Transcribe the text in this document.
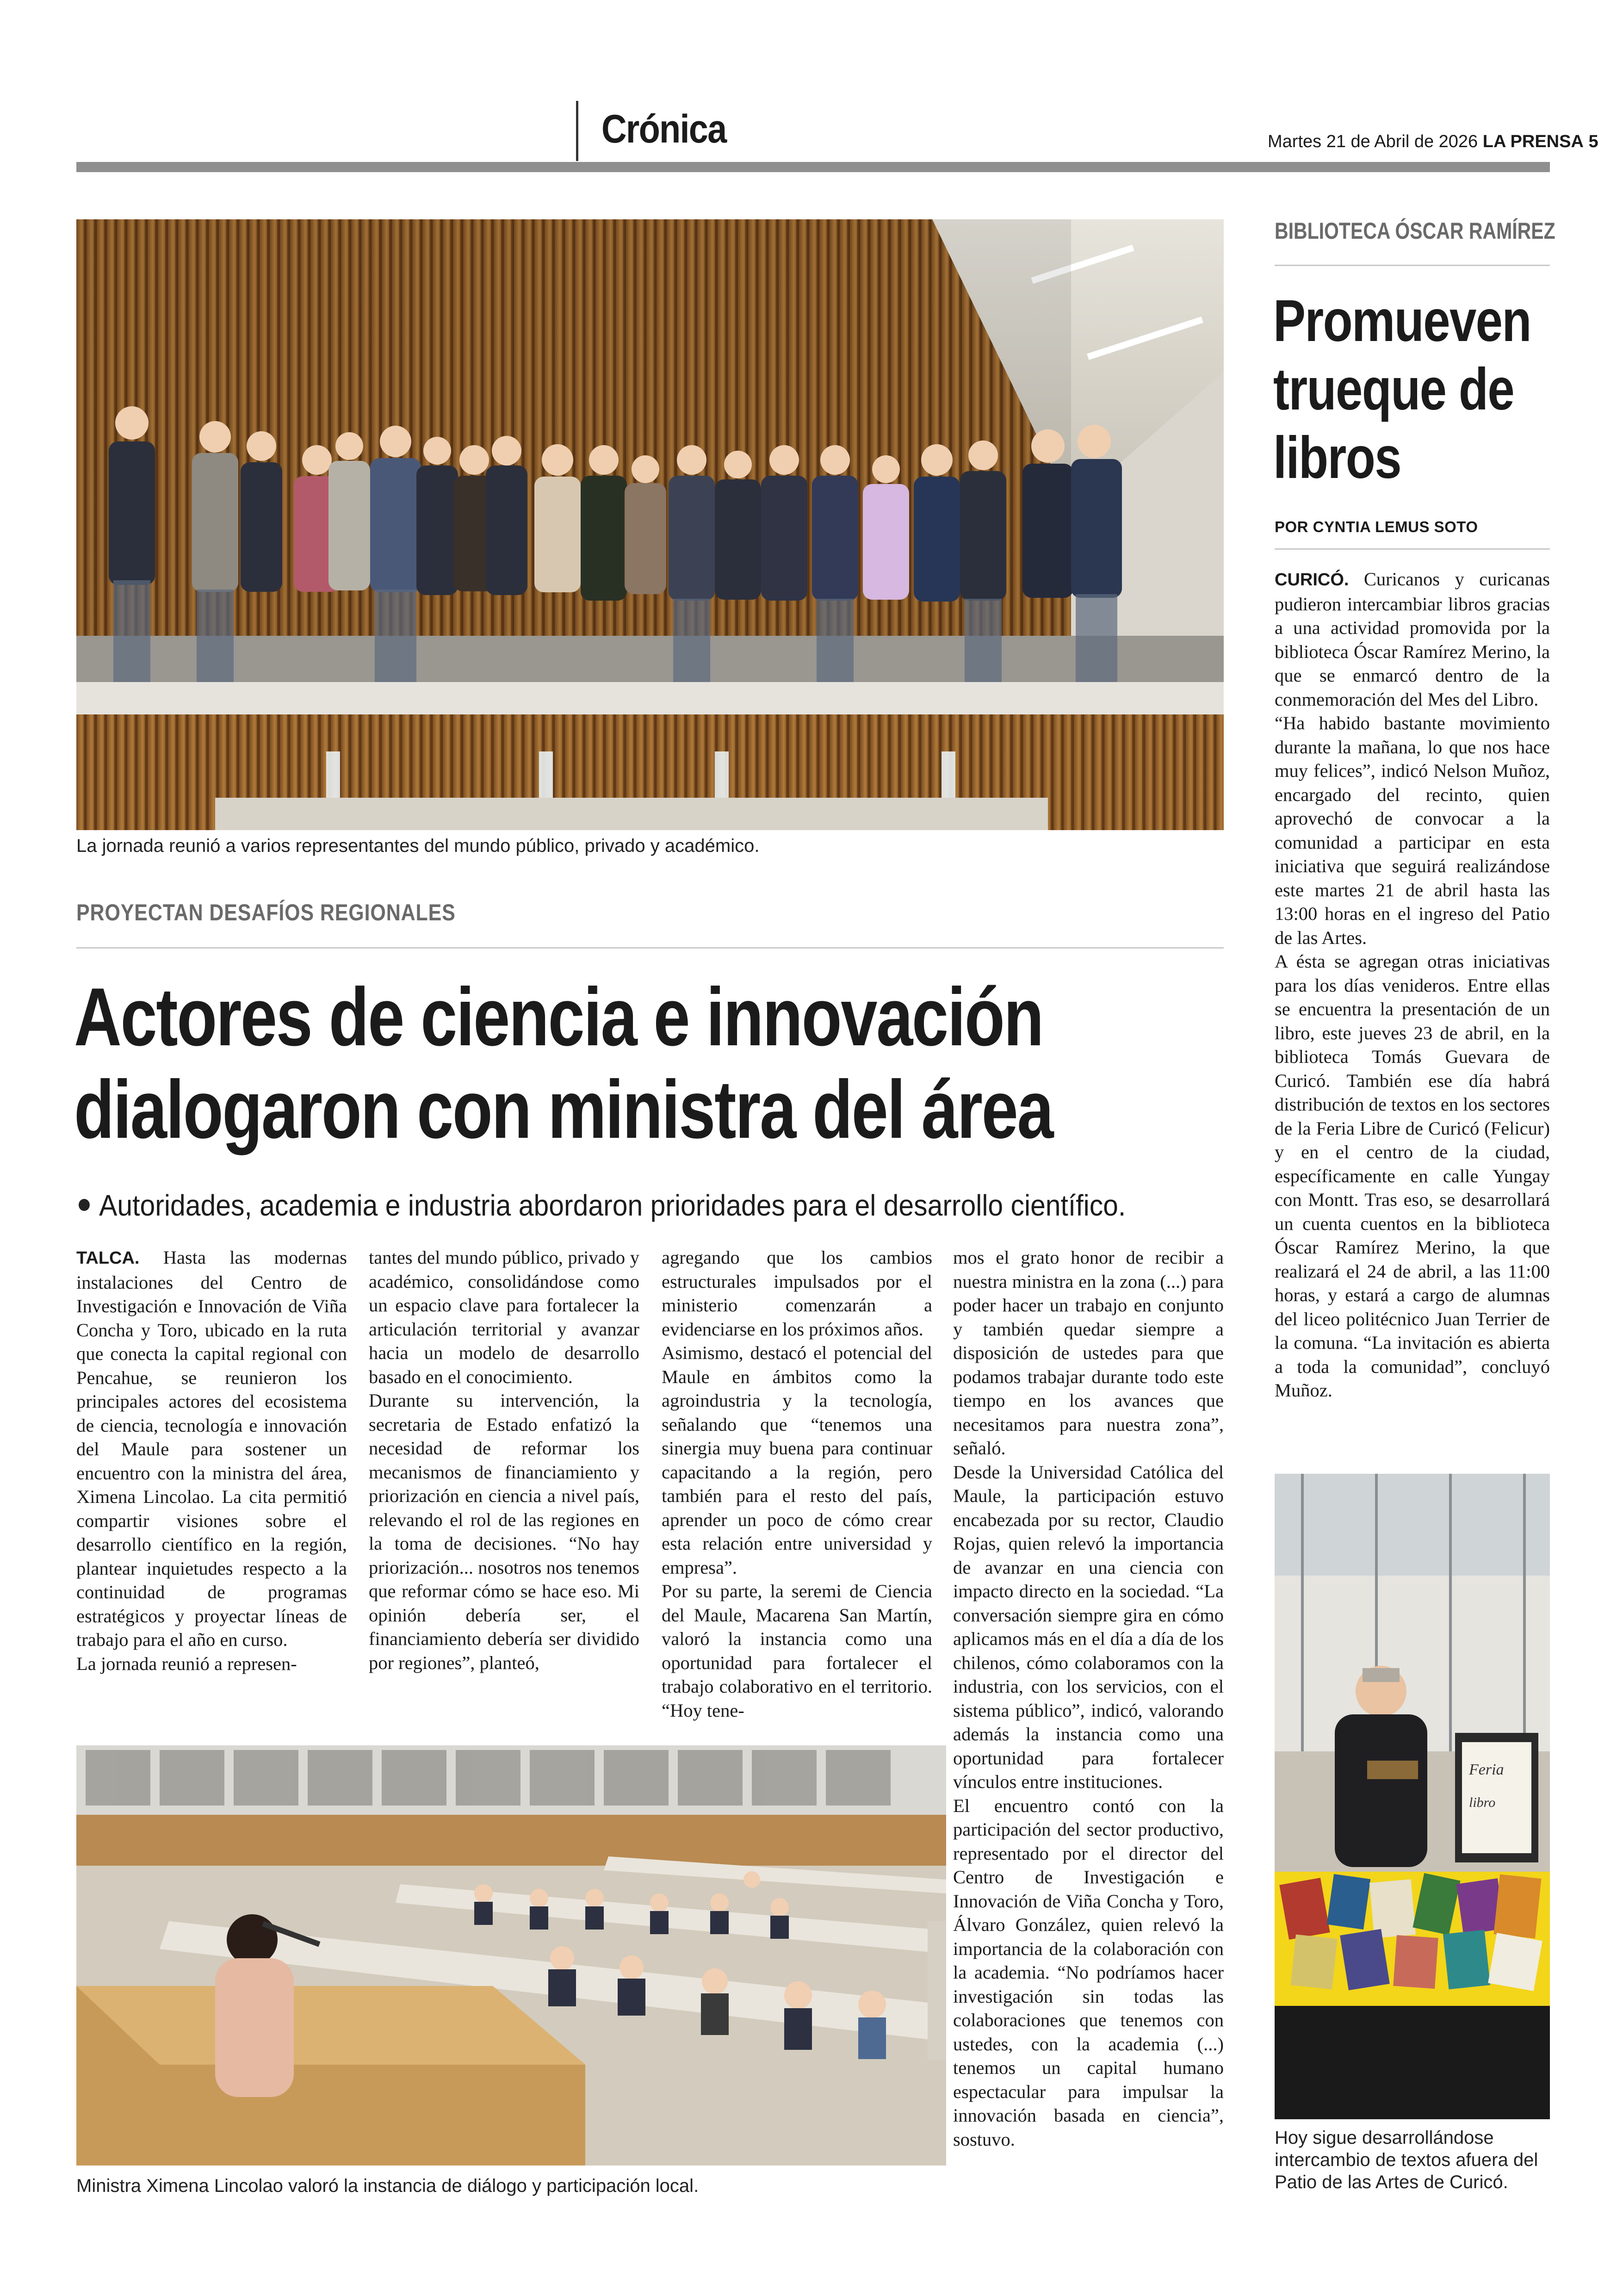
Crónica	Martes 21 de Abril de 2026 LA PRENSA 5
La jornada reunió a varios representantes del mundo público, privado y académico.
PROYECTAN DESAFÍOS REGIONALES
Actores de ciencia e innovación
dialogaron con ministra del área
Autoridades, academia e industria abordaron prioridades para el desarrollo científico.

TALCA. Hasta las modernas instalaciones del Centro de Investigación e Innovación de Viña Concha y Toro, ubicado en la ruta que conecta la capital regional con Pencahue, se reunieron los principales actores del ecosistema de ciencia, tecnología e innovación del Maule para sostener un encuentro con la ministra del área, Ximena Lincolao. La cita permitió compartir visiones sobre el desarrollo científico en la región, plantear inquietudes respecto a la continuidad de programas estratégicos y proyectar líneas de trabajo para el año en curso.

La jornada reunió a represen-

tantes del mundo público, privado y académico, consolidándose como un espacio clave para fortalecer la articulación territorial y avanzar hacia un modelo de desarrollo basado en el conocimiento.

Durante su intervención, la secretaria de Estado enfatizó la necesidad de reformar los mecanismos de financiamiento y priorización en ciencia a nivel país, relevando el rol de las regiones en la toma de decisiones. “No hay priorización... nosotros nos tenemos que reformar cómo se hace eso. Mi opinión debería ser, el financiamiento debería ser dividido por regiones”, planteó,

agregando que los cambios estructurales impulsados por el ministerio comenzarán a evidenciarse en los próximos años.

Asimismo, destacó el potencial del Maule en ámbitos como la agroindustria y la tecnología, señalando que “tenemos una sinergia muy buena para continuar capacitando a la región, pero también para el resto del país, aprender un poco de cómo crear esta relación entre universidad y empresa”.

Por su parte, la seremi de Ciencia del Maule, Macarena San Martín, valoró la instancia como una oportunidad para fortalecer el trabajo colaborativo en el territorio. “Hoy tene-

mos el grato honor de recibir a nuestra ministra en la zona (...) para poder hacer un trabajo en conjunto y también quedar siempre a disposición de ustedes para que podamos trabajar durante todo este tiempo en los avances que necesitamos para nuestra zona”, señaló.

Desde la Universidad Católica del Maule, la participación estuvo encabezada por su rector, Claudio Rojas, quien relevó la importancia de avanzar en una ciencia con impacto directo en la sociedad. “La conversación siempre gira en cómo aplicamos más en el día a día de los chilenos, cómo colaboramos con la industria, con los servicios, con el sistema público”, indicó, valorando además la instancia como una oportunidad para fortalecer vínculos entre instituciones.

El encuentro contó con la participación del sector productivo, representado por el director del Centro de Investigación e Innovación de Viña Concha y Toro, Álvaro González, quien relevó la importancia de la colaboración con la academia. “No podríamos hacer investigación sin todas las colaboraciones que tenemos con ustedes, con la academia (...) tenemos un capital humano espectacular para impulsar la innovación basada en ciencia”, sostuvo.

Ministra Ximena Lincolao valoró la instancia de diálogo y participación local.
BIBLIOTECA ÓSCAR RAMÍREZ
Promueven
trueque de
libros
POR CYNTIA LEMUS SOTO

CURICÓ. Curicanos y curicanas pudieron intercambiar libros gracias a una actividad promovida por la biblioteca Óscar Ramírez Merino, la que se enmarcó dentro de la conmemoración del Mes del Libro.

“Ha habido bastante movimiento durante la mañana, lo que nos hace muy felices”, indicó Nelson Muñoz, encargado del recinto, quien aprovechó de convocar a la comunidad a participar en esta iniciativa que seguirá realizándose este martes 21 de abril hasta las 13:00 horas en el ingreso del Patio de las Artes.

A ésta se agregan otras iniciativas para los días venideros. Entre ellas se encuentra la presentación de un libro, este jueves 23 de abril, en la biblioteca Tomás Guevara de Curicó. También ese día habrá distribución de textos en los sectores de la Feria Libre de Curicó (Felicur) y en el centro de la ciudad, específicamente en calle Yungay con Montt. Tras eso, se desarrollará un cuenta cuentos en la biblioteca Óscar Ramírez Merino, la que realizará el 24 de abril, a las 11:00 horas, y estará a cargo de alumnas del liceo politécnico Juan Terrier de la comuna. “La invitación es abierta a toda la comunidad”, concluyó Muñoz.

Feria
libro
Hoy sigue desarrollándose intercambio de textos afuera del Patio de las Artes de Curicó.
